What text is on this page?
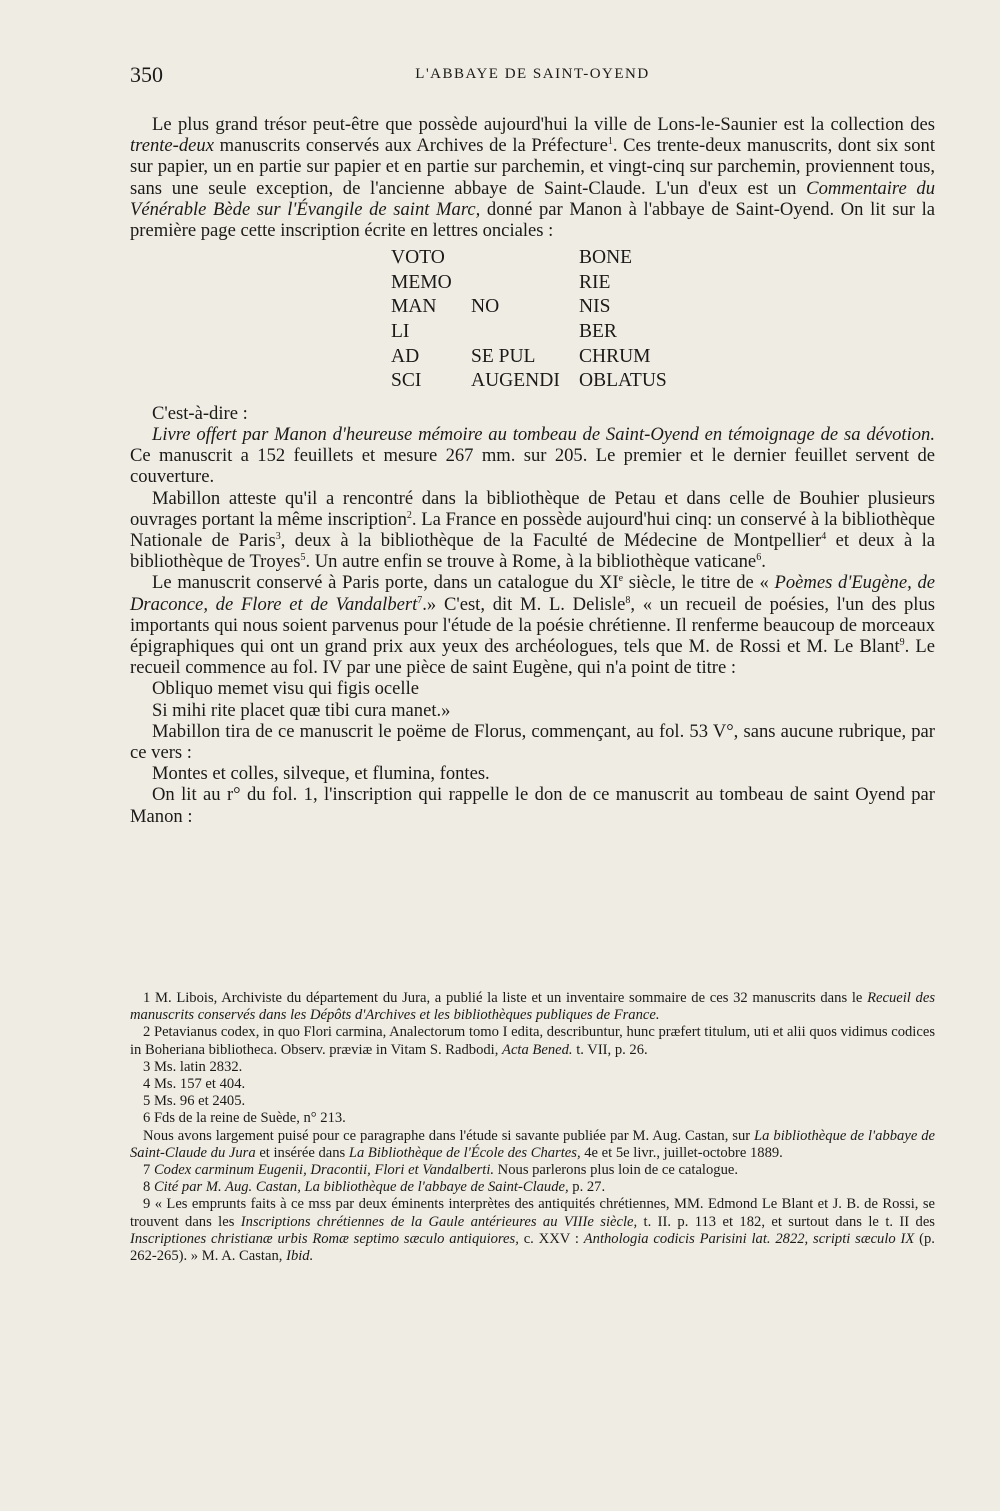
350	L'ABBAYE DE SAINT-OYEND

Le plus grand trésor peut-être que possède aujourd'hui la ville de Lons-le-Saunier est la collection des trente-deux manuscrits conservés aux Archives de la Préfecture$^1$. Ces trente-deux manuscrits, dont six sont sur papier, un en partie sur papier et en partie sur parchemin, et vingt-cinq sur parchemin, proviennent tous, sans une seule exception, de l'ancienne abbaye de Saint-Claude. L'un d'eux est un Commentaire du Vénérable Bède sur l'Évangile de saint Marc, donné par Manon à l'abbaye de Saint-Oyend. On lit sur la première page cette inscription écrite en lettres onciales :

VOTO		BONE
MEMO		RIE
MAN	NO	NIS
LI		BER
AD	SE PUL	CHRUM
SCI	AUGENDI	OBLATUS

C'est-à-dire :

Livre offert par Manon d'heureuse mémoire au tombeau de Saint-Oyend en témoignage de sa dévotion. Ce manuscrit a 152 feuillets et mesure 267 mm. sur 205. Le premier et le dernier feuillet servent de couverture.

Mabillon atteste qu'il a rencontré dans la bibliothèque de Petau et dans celle de Bouhier plusieurs ouvrages portant la même inscription$^2$. La France en possède aujourd'hui cinq: un conservé à la bibliothèque Nationale de Paris$^3$, deux à la bibliothèque de la Faculté de Médecine de Montpellier$^4$ et deux à la bibliothèque de Troyes$^5$. Un autre enfin se trouve à Rome, à la bibliothèque vaticane$^6$.

Le manuscrit conservé à Paris porte, dans un catalogue du XIe siècle, le titre de « Poèmes d'Eugène, de Draconce, de Flore et de Vandalbert$^7$.» C'est, dit M. L. Delisle$^8$, « un recueil de poésies, l'un des plus importants qui nous soient parvenus pour l'étude de la poésie chrétienne. Il renferme beaucoup de morceaux épigraphiques qui ont un grand prix aux yeux des archéologues, tels que M. de Rossi et M. Le Blant$^9$. Le recueil commence au fol. IV par une pièce de saint Eugène, qui n'a point de titre :

Obliquo memet visu qui figis ocelle

Si mihi rite placet quæ tibi cura manet.»

Mabillon tira de ce manuscrit le poëme de Florus, commençant, au fol. 53 V°, sans aucune rubrique, par ce vers :

Montes et colles, silveque, et flumina, fontes.

On lit au r° du fol. 1, l'inscription qui rappelle le don de ce manuscrit au tombeau de saint Oyend par Manon :

1 M. Libois, Archiviste du département du Jura, a publié la liste et un inventaire sommaire de ces 32 manuscrits dans le Recueil des manuscrits conservés dans les Dépôts d'Archives et les bibliothèques publiques de France.

2 Petavianus codex, in quo Flori carmina, Analectorum tomo I edita, describuntur, hunc præfert titulum, uti et alii quos vidimus codices in Boheriana bibliotheca. Observ. præviæ in Vitam S. Radbodi, Acta Bened. t. VII, p. 26.

3 Ms. latin 2832.

4 Ms. 157 et 404.

5 Ms. 96 et 2405.

6 Fds de la reine de Suède, n° 213.

Nous avons largement puisé pour ce paragraphe dans l'étude si savante publiée par M. Aug. Castan, sur La bibliothèque de l'abbaye de Saint-Claude du Jura et insérée dans La Bibliothèque de l'École des Chartes, 4e et 5e livr., juillet-octobre 1889.

7 Codex carminum Eugenii, Dracontii, Flori et Vandalberti. Nous parlerons plus loin de ce catalogue.

8 Cité par M. Aug. Castan, La bibliothèque de l'abbaye de Saint-Claude, p. 27.

9 « Les emprunts faits à ce mss par deux éminents interprètes des antiquités chrétiennes, MM. Edmond Le Blant et J. B. de Rossi, se trouvent dans les Inscriptions chrétiennes de la Gaule antérieures au VIIIe siècle, t. II. p. 113 et 182, et surtout dans le t. II des Inscriptiones christianæ urbis Romæ septimo sæculo antiquiores, c. XXV : Anthologia codicis Parisini lat. 2822, scripti sæculo IX (p. 262-265). » M. A. Castan, Ibid.
